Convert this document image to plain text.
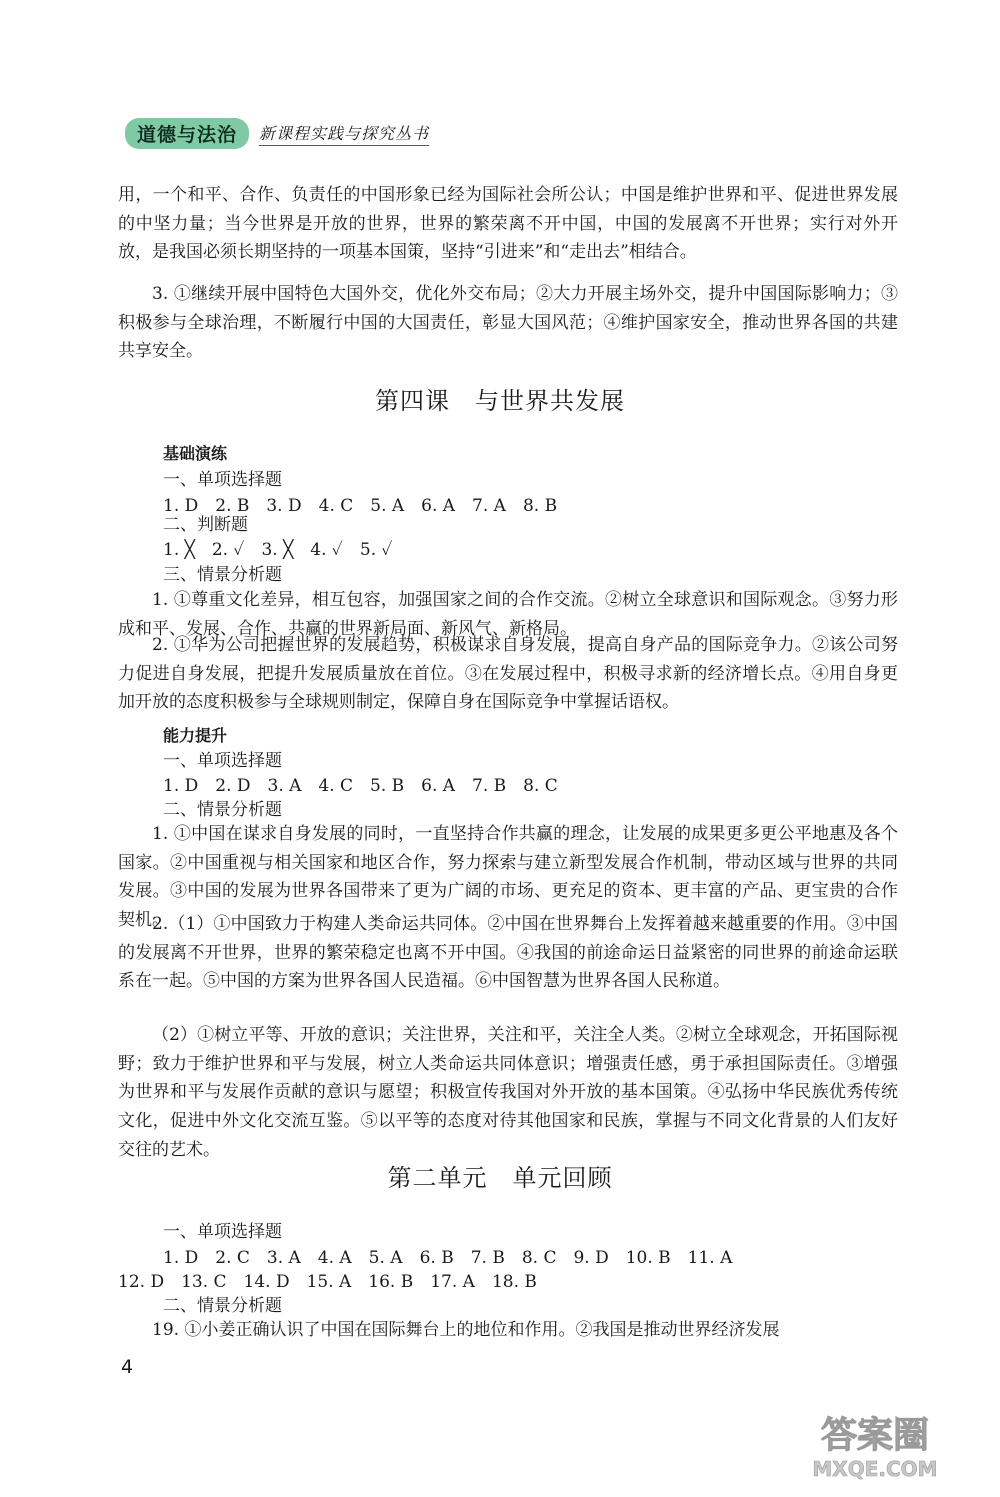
道德与法治	新课程实践与探究丛书

用，一个和平、合作、负责任的中国形象已经为国际社会所公认；中国是维护世界和平、促进世界发展的中坚力量；当今世界是开放的世界，世界的繁荣离不开中国，中国的发展离不开世界；实行对外开放，是我国必须长期坚持的一项基本国策，坚持“引进来”和“走出去”相结合。

3. ①继续开展中国特色大国外交，优化外交布局；②大力开展主场外交，提升中国国际影响力；③积极参与全球治理，不断履行中国的大国责任，彰显大国风范；④维护国家安全，推动世界各国的共建共享安全。

第四课　与世界共发展
基础演练
一、单项选择题
1. D　2. B　3. D　4. C　5. A　6. A　7. A　8. B
二、判断题
1. ╳　2. ✓　3. ╳　4. ✓　5. ✓
三、情景分析题

1. ①尊重文化差异，相互包容，加强国家之间的合作交流。②树立全球意识和国际观念。③努力形成和平、发展、合作、共赢的世界新局面、新风气、新格局。

2. ①华为公司把握世界的发展趋势，积极谋求自身发展，提高自身产品的国际竞争力。②该公司努力促进自身发展，把提升发展质量放在首位。③在发展过程中，积极寻求新的经济增长点。④用自身更加开放的态度积极参与全球规则制定，保障自身在国际竞争中掌握话语权。

能力提升
一、单项选择题
1. D　2. D　3. A　4. C　5. B　6. A　7. B　8. C
二、情景分析题

1. ①中国在谋求自身发展的同时，一直坚持合作共赢的理念，让发展的成果更多更公平地惠及各个国家。②中国重视与相关国家和地区合作，努力探索与建立新型发展合作机制，带动区域与世界的共同发展。③中国的发展为世界各国带来了更为广阔的市场、更充足的资本、更丰富的产品、更宝贵的合作契机。

2.（1）①中国致力于构建人类命运共同体。②中国在世界舞台上发挥着越来越重要的作用。③中国的发展离不开世界，世界的繁荣稳定也离不开中国。④我国的前途命运日益紧密的同世界的前途命运联系在一起。⑤中国的方案为世界各国人民造福。⑥中国智慧为世界各国人民称道。

（2）①树立平等、开放的意识；关注世界，关注和平，关注全人类。②树立全球观念，开拓国际视野；致力于维护世界和平与发展，树立人类命运共同体意识；增强责任感，勇于承担国际责任。③增强为世界和平与发展作贡献的意识与愿望；积极宣传我国对外开放的基本国策。④弘扬中华民族优秀传统文化，促进中外文化交流互鉴。⑤以平等的态度对待其他国家和民族，掌握与不同文化背景的人们友好交往的艺术。

第二单元　单元回顾
一、单项选择题
1. D　2. C　3. A　4. A　5. A　6. B　7. B　8. C　9. D　10. B　11. A
12. D　13. C　14. D　15. A　16. B　17. A　18. B
二、情景分析题

19. ①小姜正确认识了中国在国际舞台上的地位和作用。②我国是推动世界经济发展

4
答案圈
MXQE.COM
